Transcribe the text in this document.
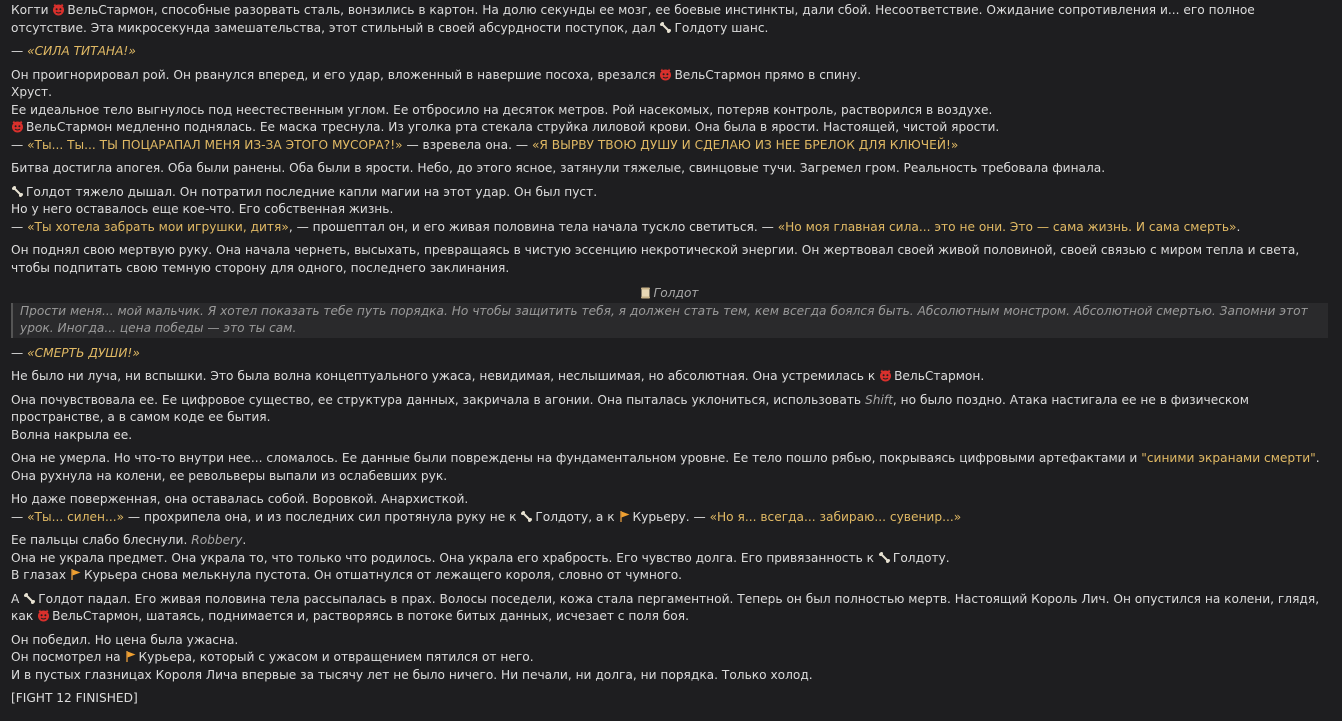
Когти ВельСтармон, способные разорвать сталь, вонзились в картон. На долю секунды ее мозг, ее боевые инстинкты, дали сбой. Несоответствие. Ожидание сопротивления и... его полное отсутствие. Эта микросекунда замешательства, этот стильный в своей абсурдности поступок, дал Голдоту шанс.

— «СИЛА ТИТАНА!»

Он проигнорировал рой. Он рванулся вперед, и его удар, вложенный в навершие посоха, врезался ВельСтармон прямо в спину.
Хруст.
Ее идеальное тело выгнулось под неестественным углом. Ее отбросило на десяток метров. Рой насекомых, потеряв контроль, растворился в воздухе.
ВельСтармон медленно поднялась. Ее маска треснула. Из уголка рта стекала струйка лиловой крови. Она была в ярости. Настоящей, чистой ярости.
— «Ты... Ты... ТЫ ПОЦАРАПАЛ МЕНЯ ИЗ-ЗА ЭТОГО МУСОРА?!» — взревела она. — «Я ВЫРВУ ТВОЮ ДУШУ И СДЕЛАЮ ИЗ НЕЕ БРЕЛОК ДЛЯ КЛЮЧЕЙ!»

Битва достигла апогея. Оба были ранены. Оба были в ярости. Небо, до этого ясное, затянули тяжелые, свинцовые тучи. Загремел гром. Реальность требовала финала.

Голдот тяжело дышал. Он потратил последние капли магии на этот удар. Он был пуст.
Но у него оставалось еще кое-что. Его собственная жизнь.
— «Ты хотела забрать мои игрушки, дитя», — прошептал он, и его живая половина тела начала тускло светиться. — «Но моя главная сила... это не они. Это — сама жизнь. И сама смерть».

Он поднял свою мертвую руку. Она начала чернеть, высыхать, превращаясь в чистую эссенцию некротической энергии. Он жертвовал своей живой половиной, своей связью с миром тепла и света, чтобы подпитать свою темную сторону для одного, последнего заклинания.

Голдот
Прости меня... мой мальчик. Я хотел показать тебе путь порядка. Но чтобы защитить тебя, я должен стать тем, кем всегда боялся быть. Абсолютным монстром. Абсолютной смертью. Запомни этот урок. Иногда... цена победы — это ты сам.

— «СМЕРТЬ ДУШИ!»

Не было ни луча, ни вспышки. Это была волна концептуального ужаса, невидимая, неслышимая, но абсолютная. Она устремилась к ВельСтармон.

Она почувствовала ее. Ее цифровое существо, ее структура данных, закричала в агонии. Она пыталась уклониться, использовать Shift, но было поздно. Атака настигала ее не в физическом пространстве, а в самом коде ее бытия.
Волна накрыла ее.

Она не умерла. Но что-то внутри нее... сломалось. Ее данные были повреждены на фундаментальном уровне. Ее тело пошло рябью, покрываясь цифровыми артефактами и "синими экранами смерти". Она рухнула на колени, ее револьверы выпали из ослабевших рук.

Но даже поверженная, она оставалась собой. Воровкой. Анархисткой.
— «Ты... силен...» — прохрипела она, и из последних сил протянула руку не к Голдоту, а к Курьеру. — «Но я... всегда... забираю... сувенир...»

Ее пальцы слабо блеснули. Robbery.
Она не украла предмет. Она украла то, что только что родилось. Она украла его храбрость. Его чувство долга. Его привязанность к Голдоту.
В глазах Курьера снова мелькнула пустота. Он отшатнулся от лежащего короля, словно от чумного.

А Голдот падал. Его живая половина тела рассыпалась в прах. Волосы поседели, кожа стала пергаментной. Теперь он был полностью мертв. Настоящий Король Лич. Он опустился на колени, глядя, как ВельСтармон, шатаясь, поднимается и, растворяясь в потоке битых данных, исчезает с поля боя.

Он победил. Но цена была ужасна.
Он посмотрел на Курьера, который с ужасом и отвращением пятился от него.
И в пустых глазницах Короля Лича впервые за тысячу лет не было ничего. Ни печали, ни долга, ни порядка. Только холод.

[FIGHT 12 FINISHED]
